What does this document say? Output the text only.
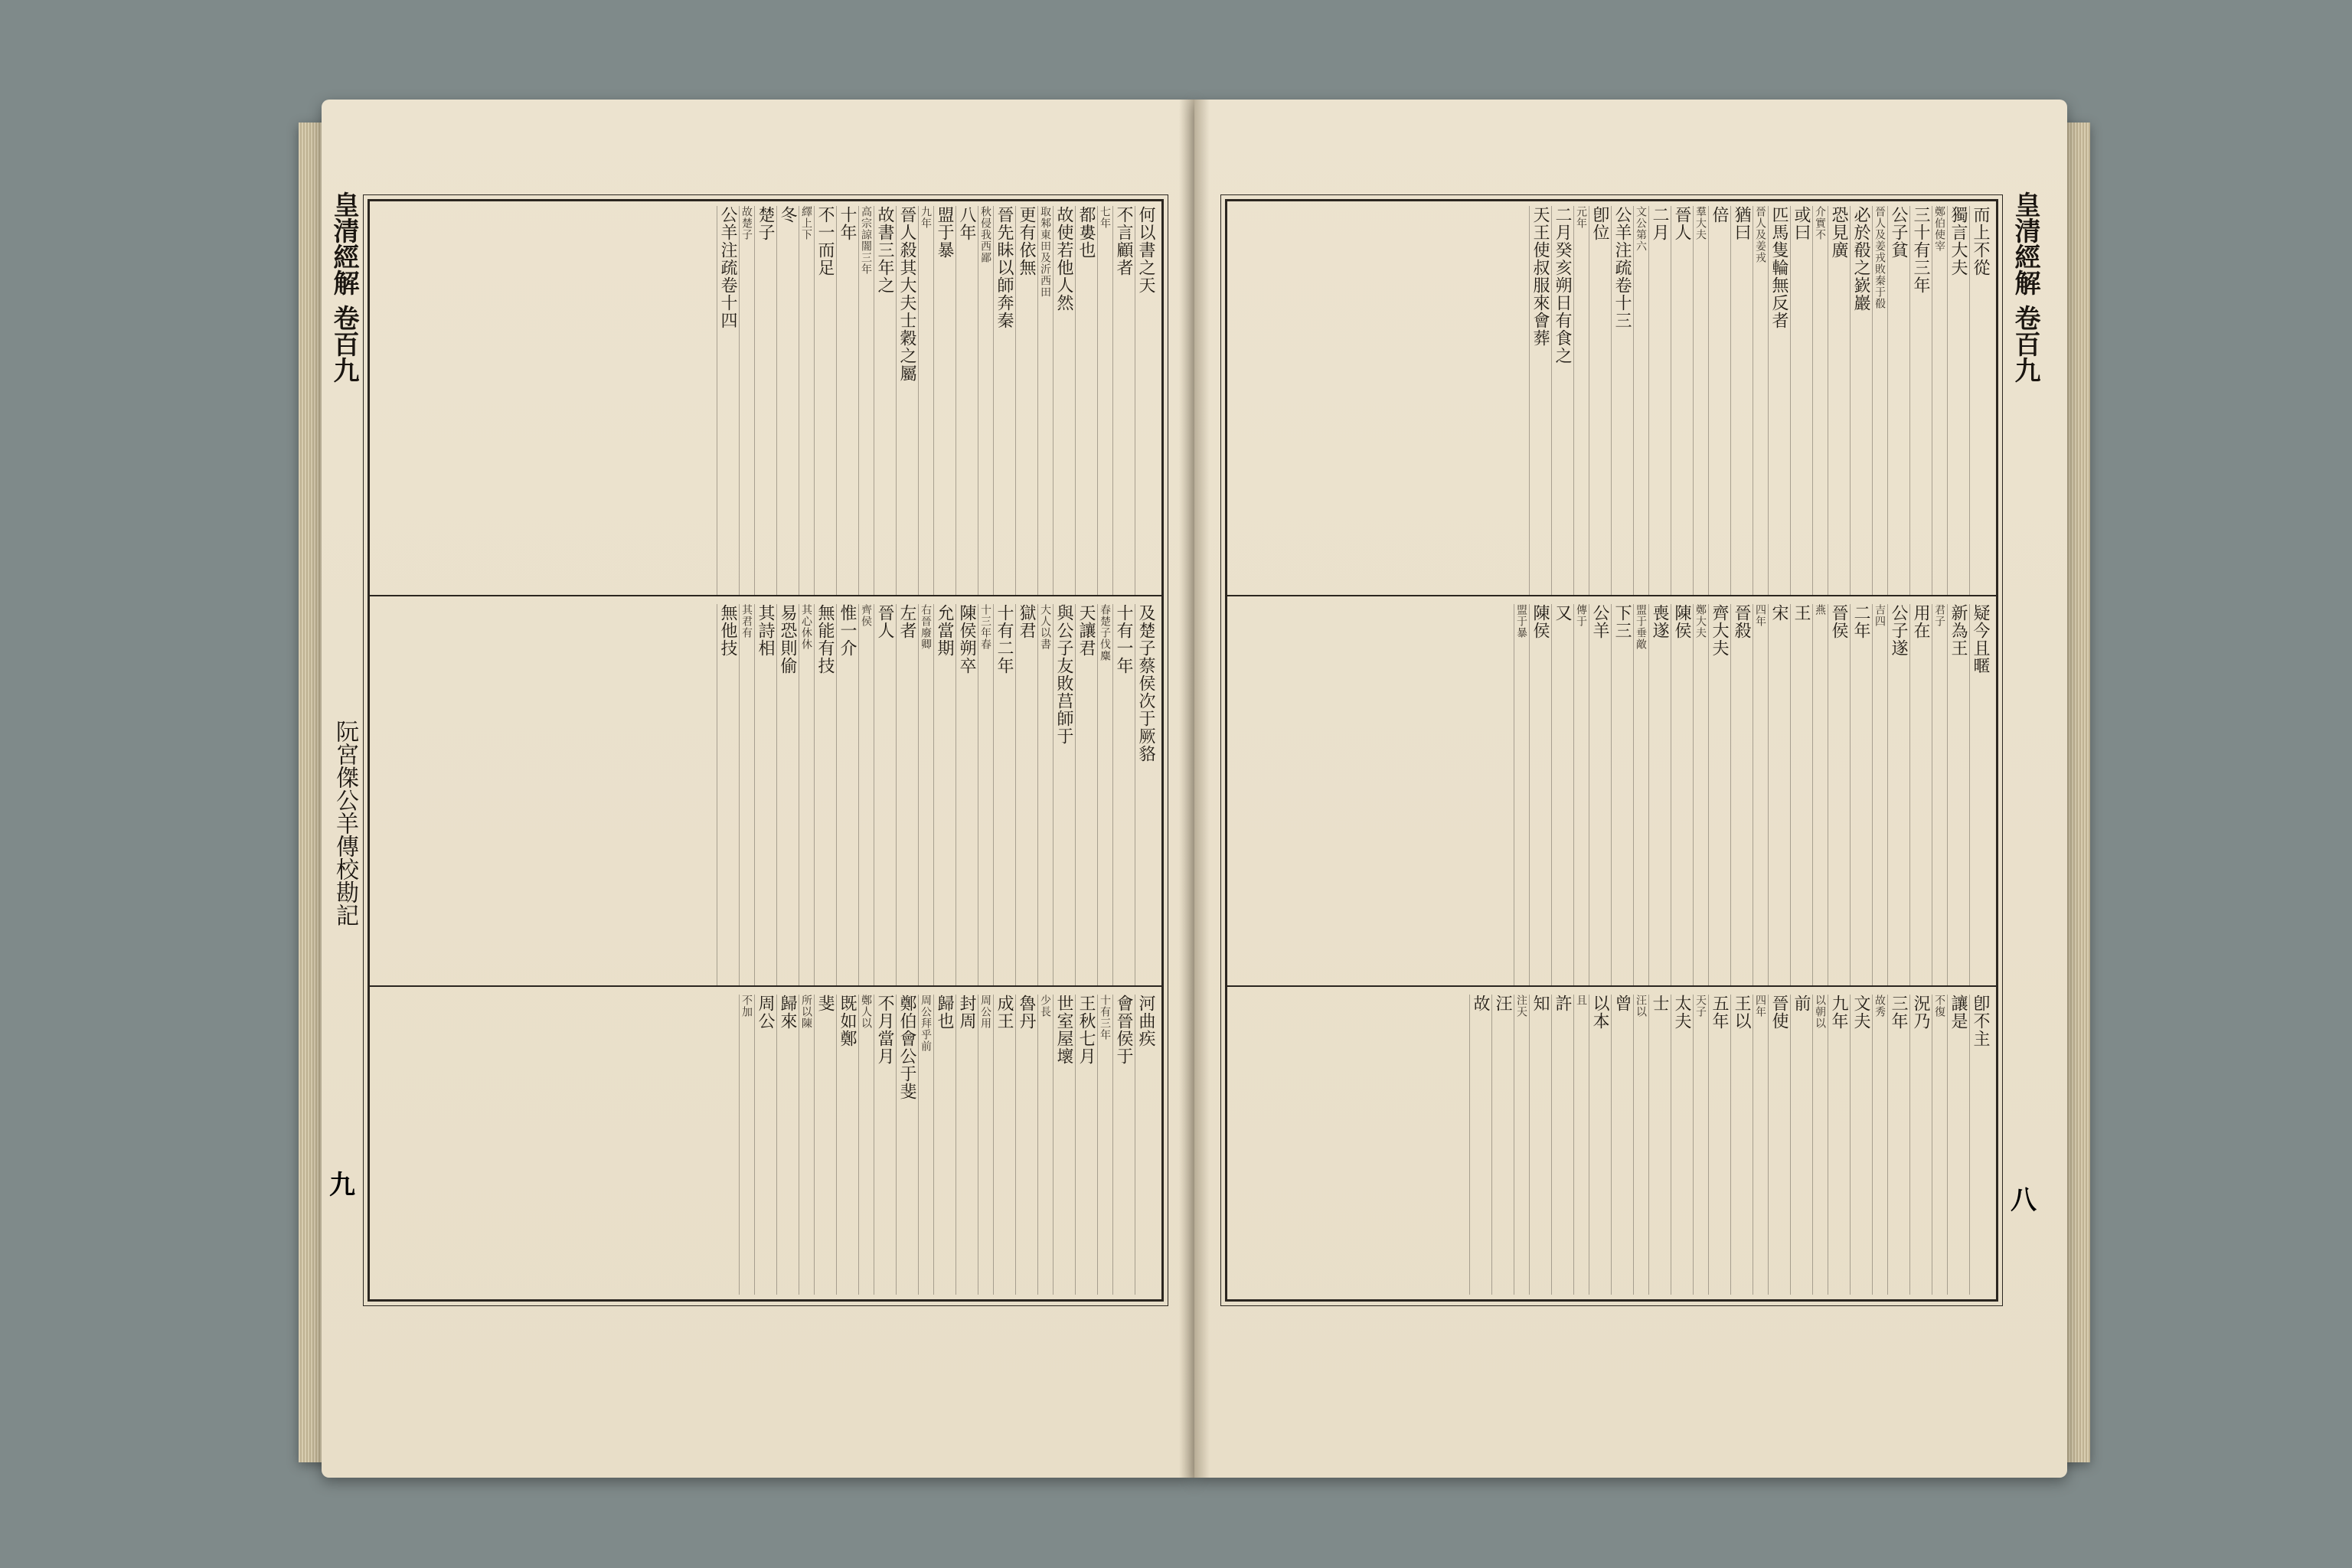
皇清經解 卷百九
何以書之天
不言顧者
七年
都婁也
故使若他人然
取邾東田及沂西田
更有依無
晉先眛以師奔秦
秋侵我西鄙
八年
盟于暴
九年
晉人殺其大夫士穀之屬
故書三年之
高宗諒闇三年
十年
不一而足
繹上下
冬
楚子
故楚子
公羊注疏卷十四
及楚子蔡侯次于厥貉
十有一年
春楚子伐麋
天讓君
與公子友敗莒師于
大人以書
獄君
十有二年
十三年春
陳侯朔卒
允當期
右晉廢卿
左者
晉人
齊侯
惟一介
無能有技
其心休休
易恐則偷
其詩相
其君有
無他技
河曲疾
會晉侯于
十有三年
王秋七月
世室屋壞
少長
魯丹
成王
周公用
封周
歸也
周公拜乎前
鄭伯會公于斐
不月當月
鄭人以
既如鄭
斐
所以陳
歸來
周公
不加
阮宮傑公羊傳校勘記
九
皇清經解 卷百九
而上不從
獨言大夫
鄭伯使宰
三十有三年
公子貧
晉人及姜戎敗秦于殽
必於殽之嶔巖
恐見廣
介實不
或曰
匹馬隻輪無反者
晉人及姜戎
猶曰
倍
羣大夫
晉人
二月
文公第六
公羊注疏卷十三
卽位
元年
二月癸亥朔日有食之
天王使叔服來會葬
疑今且暱
新為王
君子
用在
公子遂
吉四
二年
晉侯
燕
王
宋
四年
晉殺
齊大夫
鄭大夫
陳侯
喪遂
盟于垂敵
下三
公羊
傳于
又
陳侯
盟于暴
卽不主
讓是
不復
況乃
三年
故秀
文夫
九年
以朝以
前
晉使
四年
王以
五年
天子
太夫
士
汪以
曾
以本
且
許
知
注天
汪
故
八
